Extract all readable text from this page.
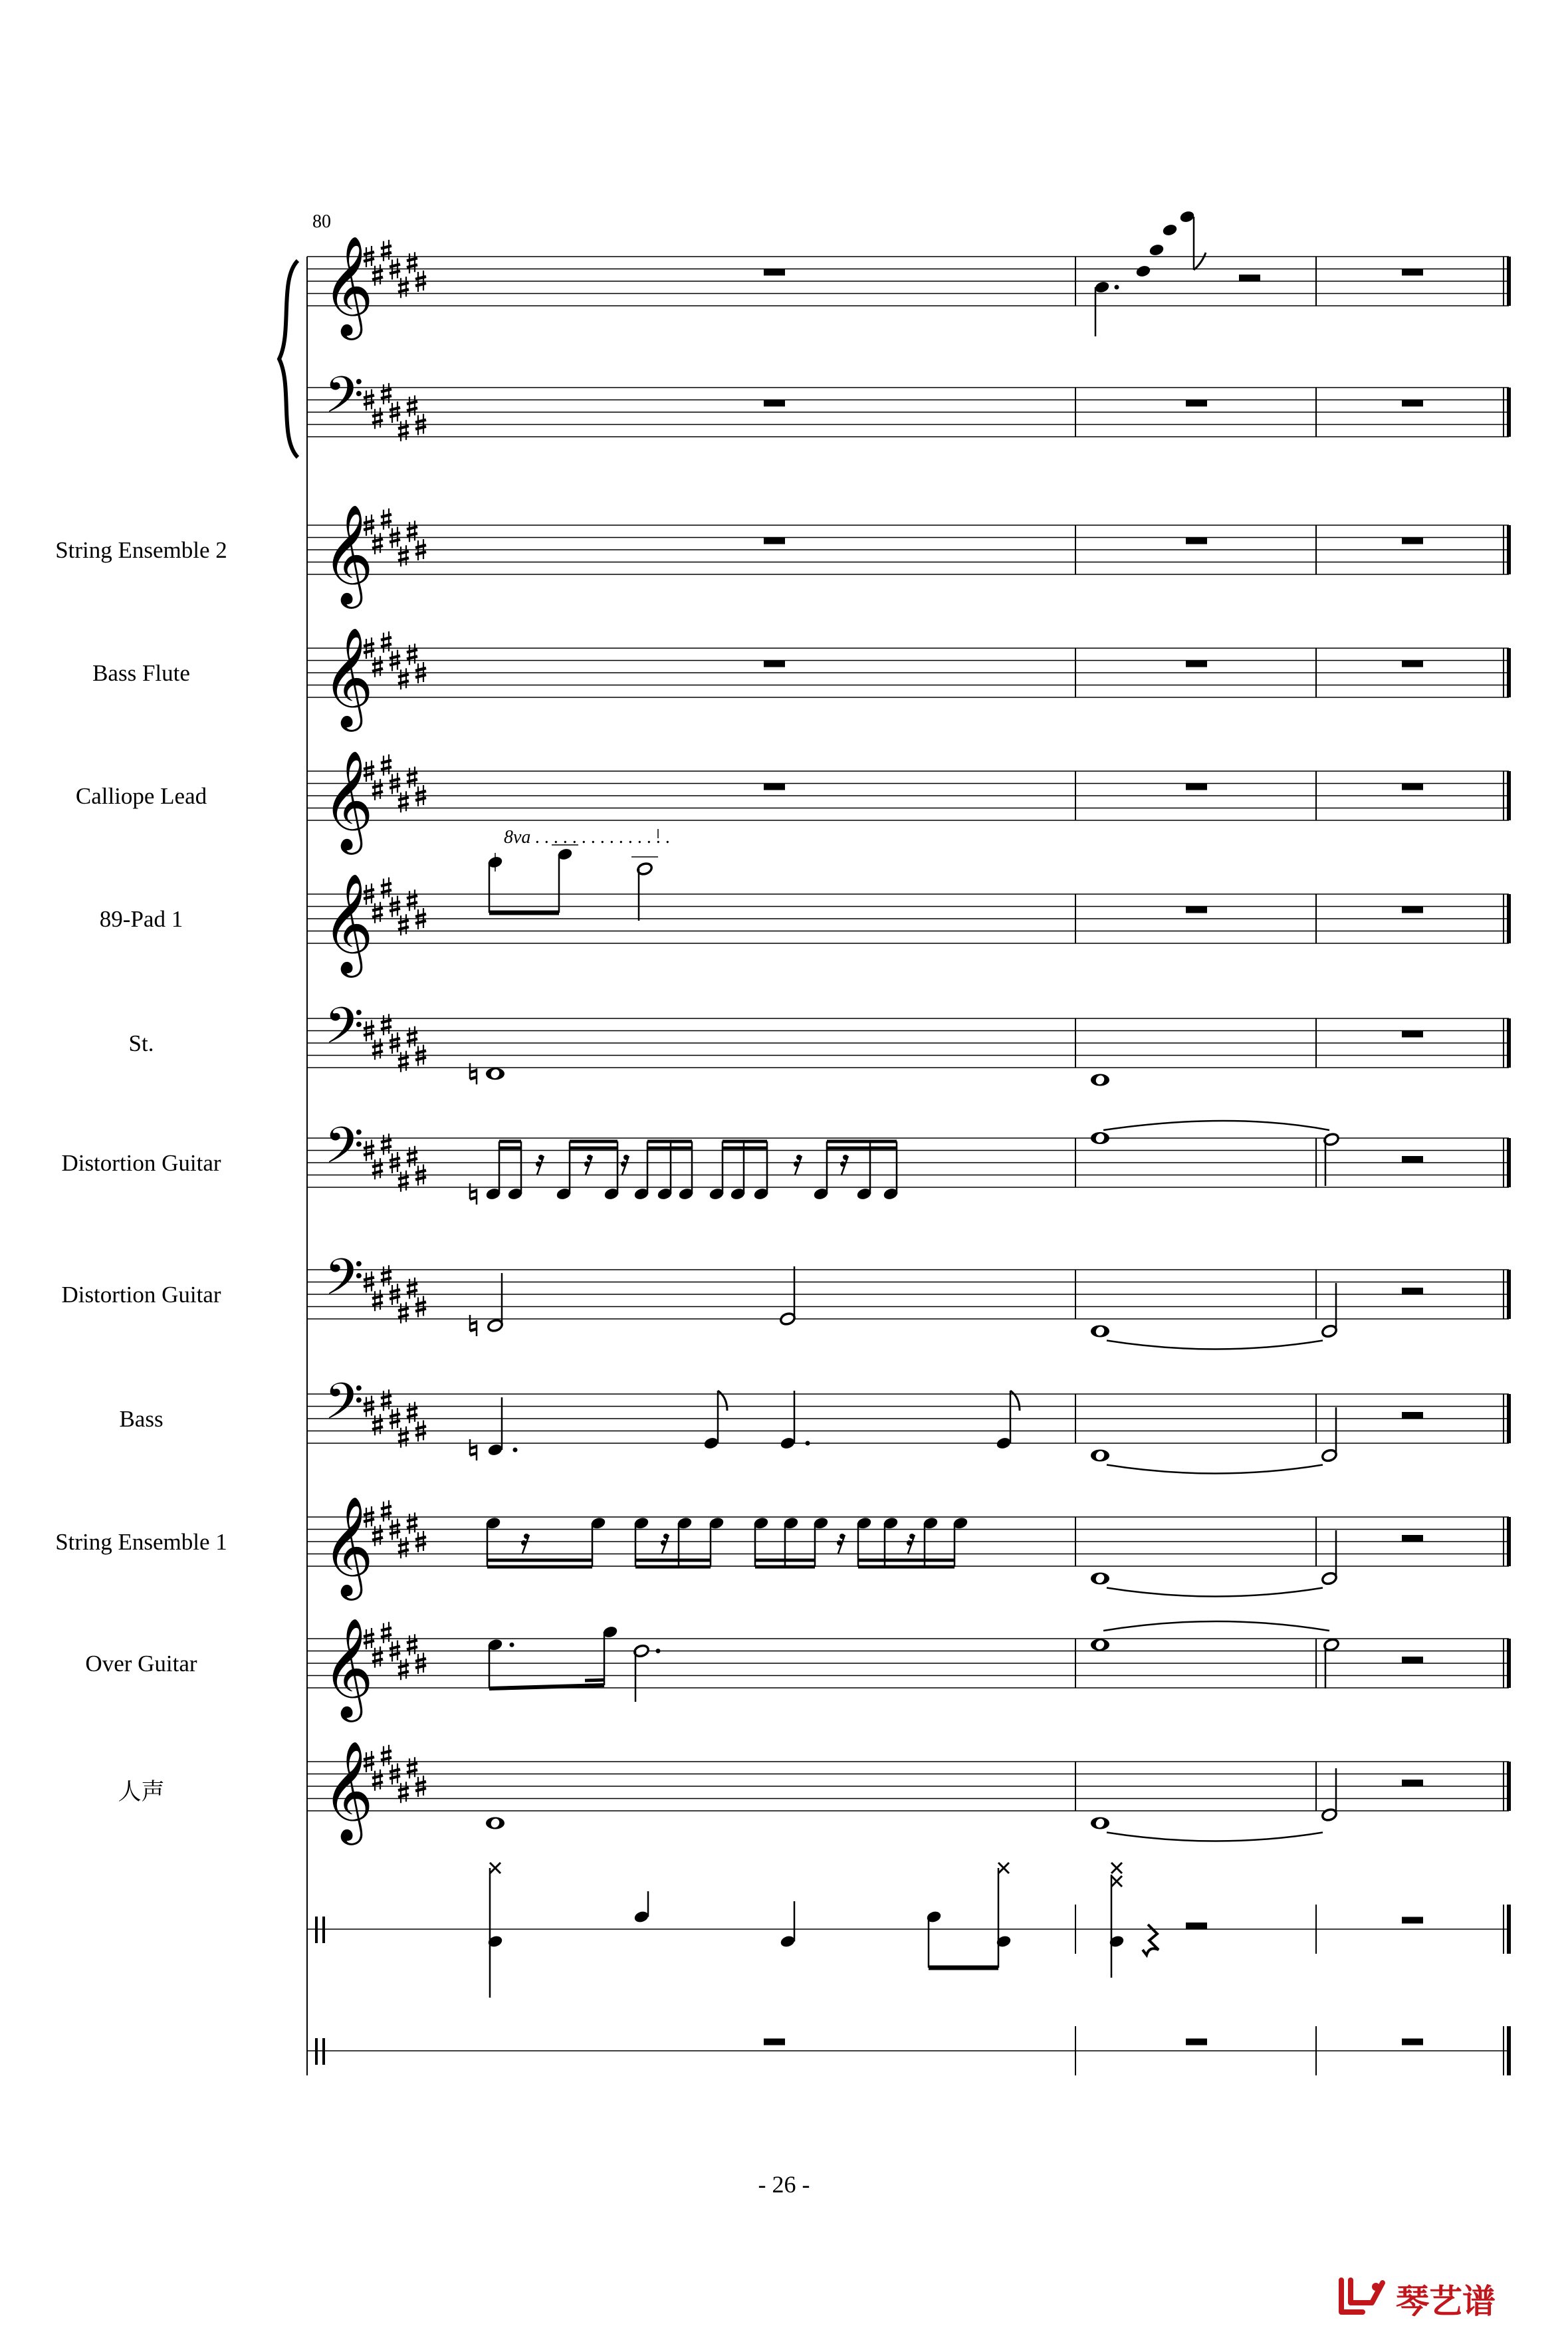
𝄞
𝄢
𝄞
𝄞
𝄞
𝄞
𝄢
𝄢
𝄢
𝄢
𝄞
𝄞
𝄞
80
8va . . . . . . . . . . . . . . .
String Ensemble 2
Bass Flute
Calliope Lead
89-Pad 1
St.
Distortion Guitar
Distortion Guitar
Bass
String Ensemble 1
Over Guitar
人声
- 26 -
琴艺谱
